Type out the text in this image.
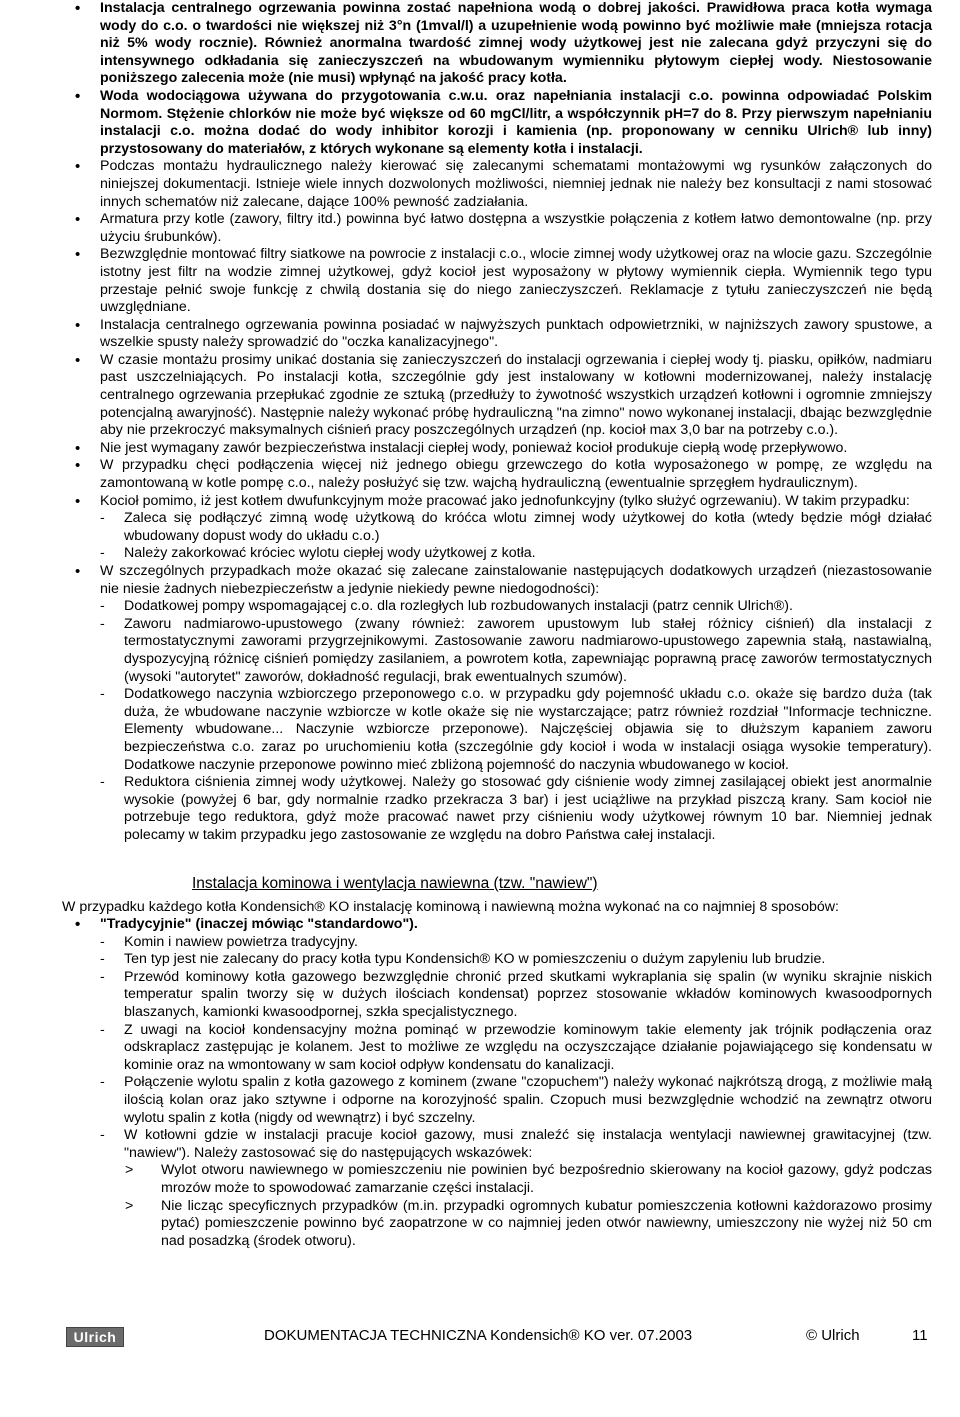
• Instalacja centralnego ogrzewania powinna zostać napełniona wodą o dobrej jakości. Prawidłowa praca kotła wymaga wody do c.o. o twardości nie większej niż 3°n (1mval/l) a uzupełnienie wodą powinno być możliwie małe (mniejsza rotacja niż 5% wody rocznie). Również anormalna twardość zimnej wody użytkowej jest nie zalecana gdyż przyczyni się do intensywnego odkładania się zanieczyszczeń na wbudowanym wymienniku płytowym ciepłej wody. Niestosowanie poniższego zalecenia może (nie musi) wpłynąć na jakość pracy kotła.

• Woda wodociągowa używana do przygotowania c.w.u. oraz napełniania instalacji c.o. powinna odpowiadać Polskim Normom. Stężenie chlorków nie może być większe od 60 mgCl/litr, a współczynnik pH=7 do 8. Przy pierwszym napełnianiu instalacji c.o. można dodać do wody inhibitor korozji i kamienia (np. proponowany w cenniku Ulrich® lub inny) przystosowany do materiałów, z których wykonane są elementy kotła i instalacji.

• Podczas montażu hydraulicznego należy kierować się zalecanymi schematami montażowymi wg rysunków załączonych do niniejszej dokumentacji. Istnieje wiele innych dozwolonych możliwości, niemniej jednak nie należy bez konsultacji z nami stosować innych schematów niż zalecane, dające 100% pewność zadziałania.

• Armatura przy kotle (zawory, filtry itd.) powinna być łatwo dostępna a wszystkie połączenia z kotłem łatwo demontowalne (np. przy użyciu śrubunków).

• Bezwzględnie montować filtry siatkowe na powrocie z instalacji c.o., wlocie zimnej wody użytkowej oraz na wlocie gazu. Szczególnie istotny jest filtr na wodzie zimnej użytkowej, gdyż kocioł jest wyposażony w płytowy wymiennik ciepła. Wymiennik tego typu przestaje pełnić swoje funkcję z chwilą dostania się do niego zanieczyszczeń. Reklamacje z tytułu zanieczyszczeń nie będą uwzględniane.

• Instalacja centralnego ogrzewania powinna posiadać w najwyższych punktach odpowietrzniki, w najniższych zawory spustowe, a wszelkie spusty należy sprowadzić do "oczka kanalizacyjnego".

• W czasie montażu prosimy unikać dostania się zanieczyszczeń do instalacji ogrzewania i ciepłej wody tj. piasku, opiłków, nadmiaru past uszczelniających. Po instalacji kotła, szczególnie gdy jest instalowany w kotłowni modernizowanej, należy instalację centralnego ogrzewania przepłukać zgodnie ze sztuką (przedłuży to żywotność wszystkich urządzeń kotłowni i ogromnie zmniejszy potencjalną awaryjność). Następnie należy wykonać próbę hydrauliczną "na zimno" nowo wykonanej instalacji, dbając bezwzględnie aby nie przekroczyć maksymalnych ciśnień pracy poszczególnych urządzeń (np. kocioł max 3,0 bar na potrzeby c.o.).

• Nie jest wymagany zawór bezpieczeństwa instalacji ciepłej wody, ponieważ kocioł produkuje ciepłą wodę przepływowo.

• W przypadku chęci podłączenia więcej niż jednego obiegu grzewczego do kotła wyposażonego w pompę, ze względu na zamontowaną w kotle pompę c.o., należy posłużyć się tzw. wajchą hydrauliczną (ewentualnie sprzęgłem hydraulicznym).

• Kocioł pomimo, iż jest kotłem dwufunkcyjnym może pracować jako jednofunkcyjny (tylko służyć ogrzewaniu). W takim przypadku:

- Zaleca się podłączyć zimną wodę użytkową do króćca wlotu zimnej wody użytkowej do kotła (wtedy będzie mógł działać wbudowany dopust wody do układu c.o.)

- Należy zakorkować króciec wylotu ciepłej wody użytkowej z kotła.

• W szczególnych przypadkach może okazać się zalecane zainstalowanie następujących dodatkowych urządzeń (niezastosowanie nie niesie żadnych niebezpieczeństw a jedynie niekiedy pewne niedogodności):

- Dodatkowej pompy wspomagającej c.o. dla rozległych lub rozbudowanych instalacji (patrz cennik Ulrich®).

- Zaworu nadmiarowo-upustowego (zwany również: zaworem upustowym lub stałej różnicy ciśnień) dla instalacji z termostatycznymi zaworami przygrzejnikowymi. Zastosowanie zaworu nadmiarowo-upustowego zapewnia stałą, nastawialną, dyspozycyjną różnicę ciśnień pomiędzy zasilaniem, a powrotem kotła, zapewniając poprawną pracę zaworów termostatycznych (wysoki "autorytet" zaworów, dokładność regulacji, brak ewentualnych szumów).

- Dodatkowego naczynia wzbiorczego przeponowego c.o. w przypadku gdy pojemność układu c.o. okaże się bardzo duża (tak duża, że wbudowane naczynie wzbiorcze w kotle okaże się nie wystarczające; patrz również rozdział "Informacje techniczne. Elementy wbudowane... Naczynie wzbiorcze przeponowe). Najczęściej objawia się to dłuższym kapaniem zaworu bezpieczeństwa c.o. zaraz po uruchomieniu kotła (szczególnie gdy kocioł i woda w instalacji osiąga wysokie temperatury). Dodatkowe naczynie przeponowe powinno mieć zbliżoną pojemność do naczynia wbudowanego w kocioł.

- Reduktora ciśnienia zimnej wody użytkowej. Należy go stosować gdy ciśnienie wody zimnej zasilającej obiekt jest anormalnie wysokie (powyżej 6 bar, gdy normalnie rzadko przekracza 3 bar) i jest uciążliwe na przykład piszczą krany. Sam kocioł nie potrzebuje tego reduktora, gdyż może pracować nawet przy ciśnieniu wody użytkowej równym 10 bar. Niemniej jednak polecamy w takim przypadku jego zastosowanie ze względu na dobro Państwa całej instalacji.

Instalacja kominowa i wentylacja nawiewna (tzw. "nawiew")

W przypadku każdego kotła Kondensich® KO instalację kominową i nawiewną można wykonać na co najmniej 8 sposobów:

• "Tradycyjnie" (inaczej mówiąc "standardowo").

- Komin i nawiew powietrza tradycyjny.

- Ten typ jest nie zalecany do pracy kotła typu Kondensich® KO w pomieszczeniu o dużym zapyleniu lub brudzie.

- Przewód kominowy kotła gazowego bezwzględnie chronić przed skutkami wykraplania się spalin (w wyniku skrajnie niskich temperatur spalin tworzy się w dużych ilościach kondensat) poprzez stosowanie wkładów kominowych kwasoodpornych blaszanych, kamionki kwasoodpornej, szkła specjalistycznego.

- Z uwagi na kocioł kondensacyjny można pominąć w przewodzie kominowym takie elementy jak trójnik podłączenia oraz odskraplacz zastępując je kolanem. Jest to możliwe ze względu na oczyszczające działanie pojawiającego się kondensatu w kominie oraz na wmontowany w sam kocioł odpływ kondensatu do kanalizacji.

- Połączenie wylotu spalin z kotła gazowego z kominem (zwane "czopuchem") należy wykonać najkrótszą drogą, z możliwie małą ilością kolan oraz jako sztywne i odporne na korozyjność spalin. Czopuch musi bezwzględnie wchodzić na zewnątrz otworu wylotu spalin z kotła (nigdy od wewnątrz) i być szczelny.

- W kotłowni gdzie w instalacji pracuje kocioł gazowy, musi znaleźć się instalacja wentylacji nawiewnej grawitacyjnej (tzw. "nawiew"). Należy zastosować się do następujących wskazówek:

> Wylot otworu nawiewnego w pomieszczeniu nie powinien być bezpośrednio skierowany na kocioł gazowy, gdyż podczas mrozów może to spowodować zamarzanie części instalacji.

> Nie licząc specyficznych przypadków (m.in. przypadki ogromnych kubatur pomieszczenia kotłowni każdorazowo prosimy pytać) pomieszczenie powinno być zaopatrzone w co najmniej jeden otwór nawiewny, umieszczony nie wyżej niż 50 cm nad posadzką (środek otworu).

Ulrich	DOKUMENTACJA TECHNICZNA Kondensich® KO ver. 07.2003	© Ulrich	11
